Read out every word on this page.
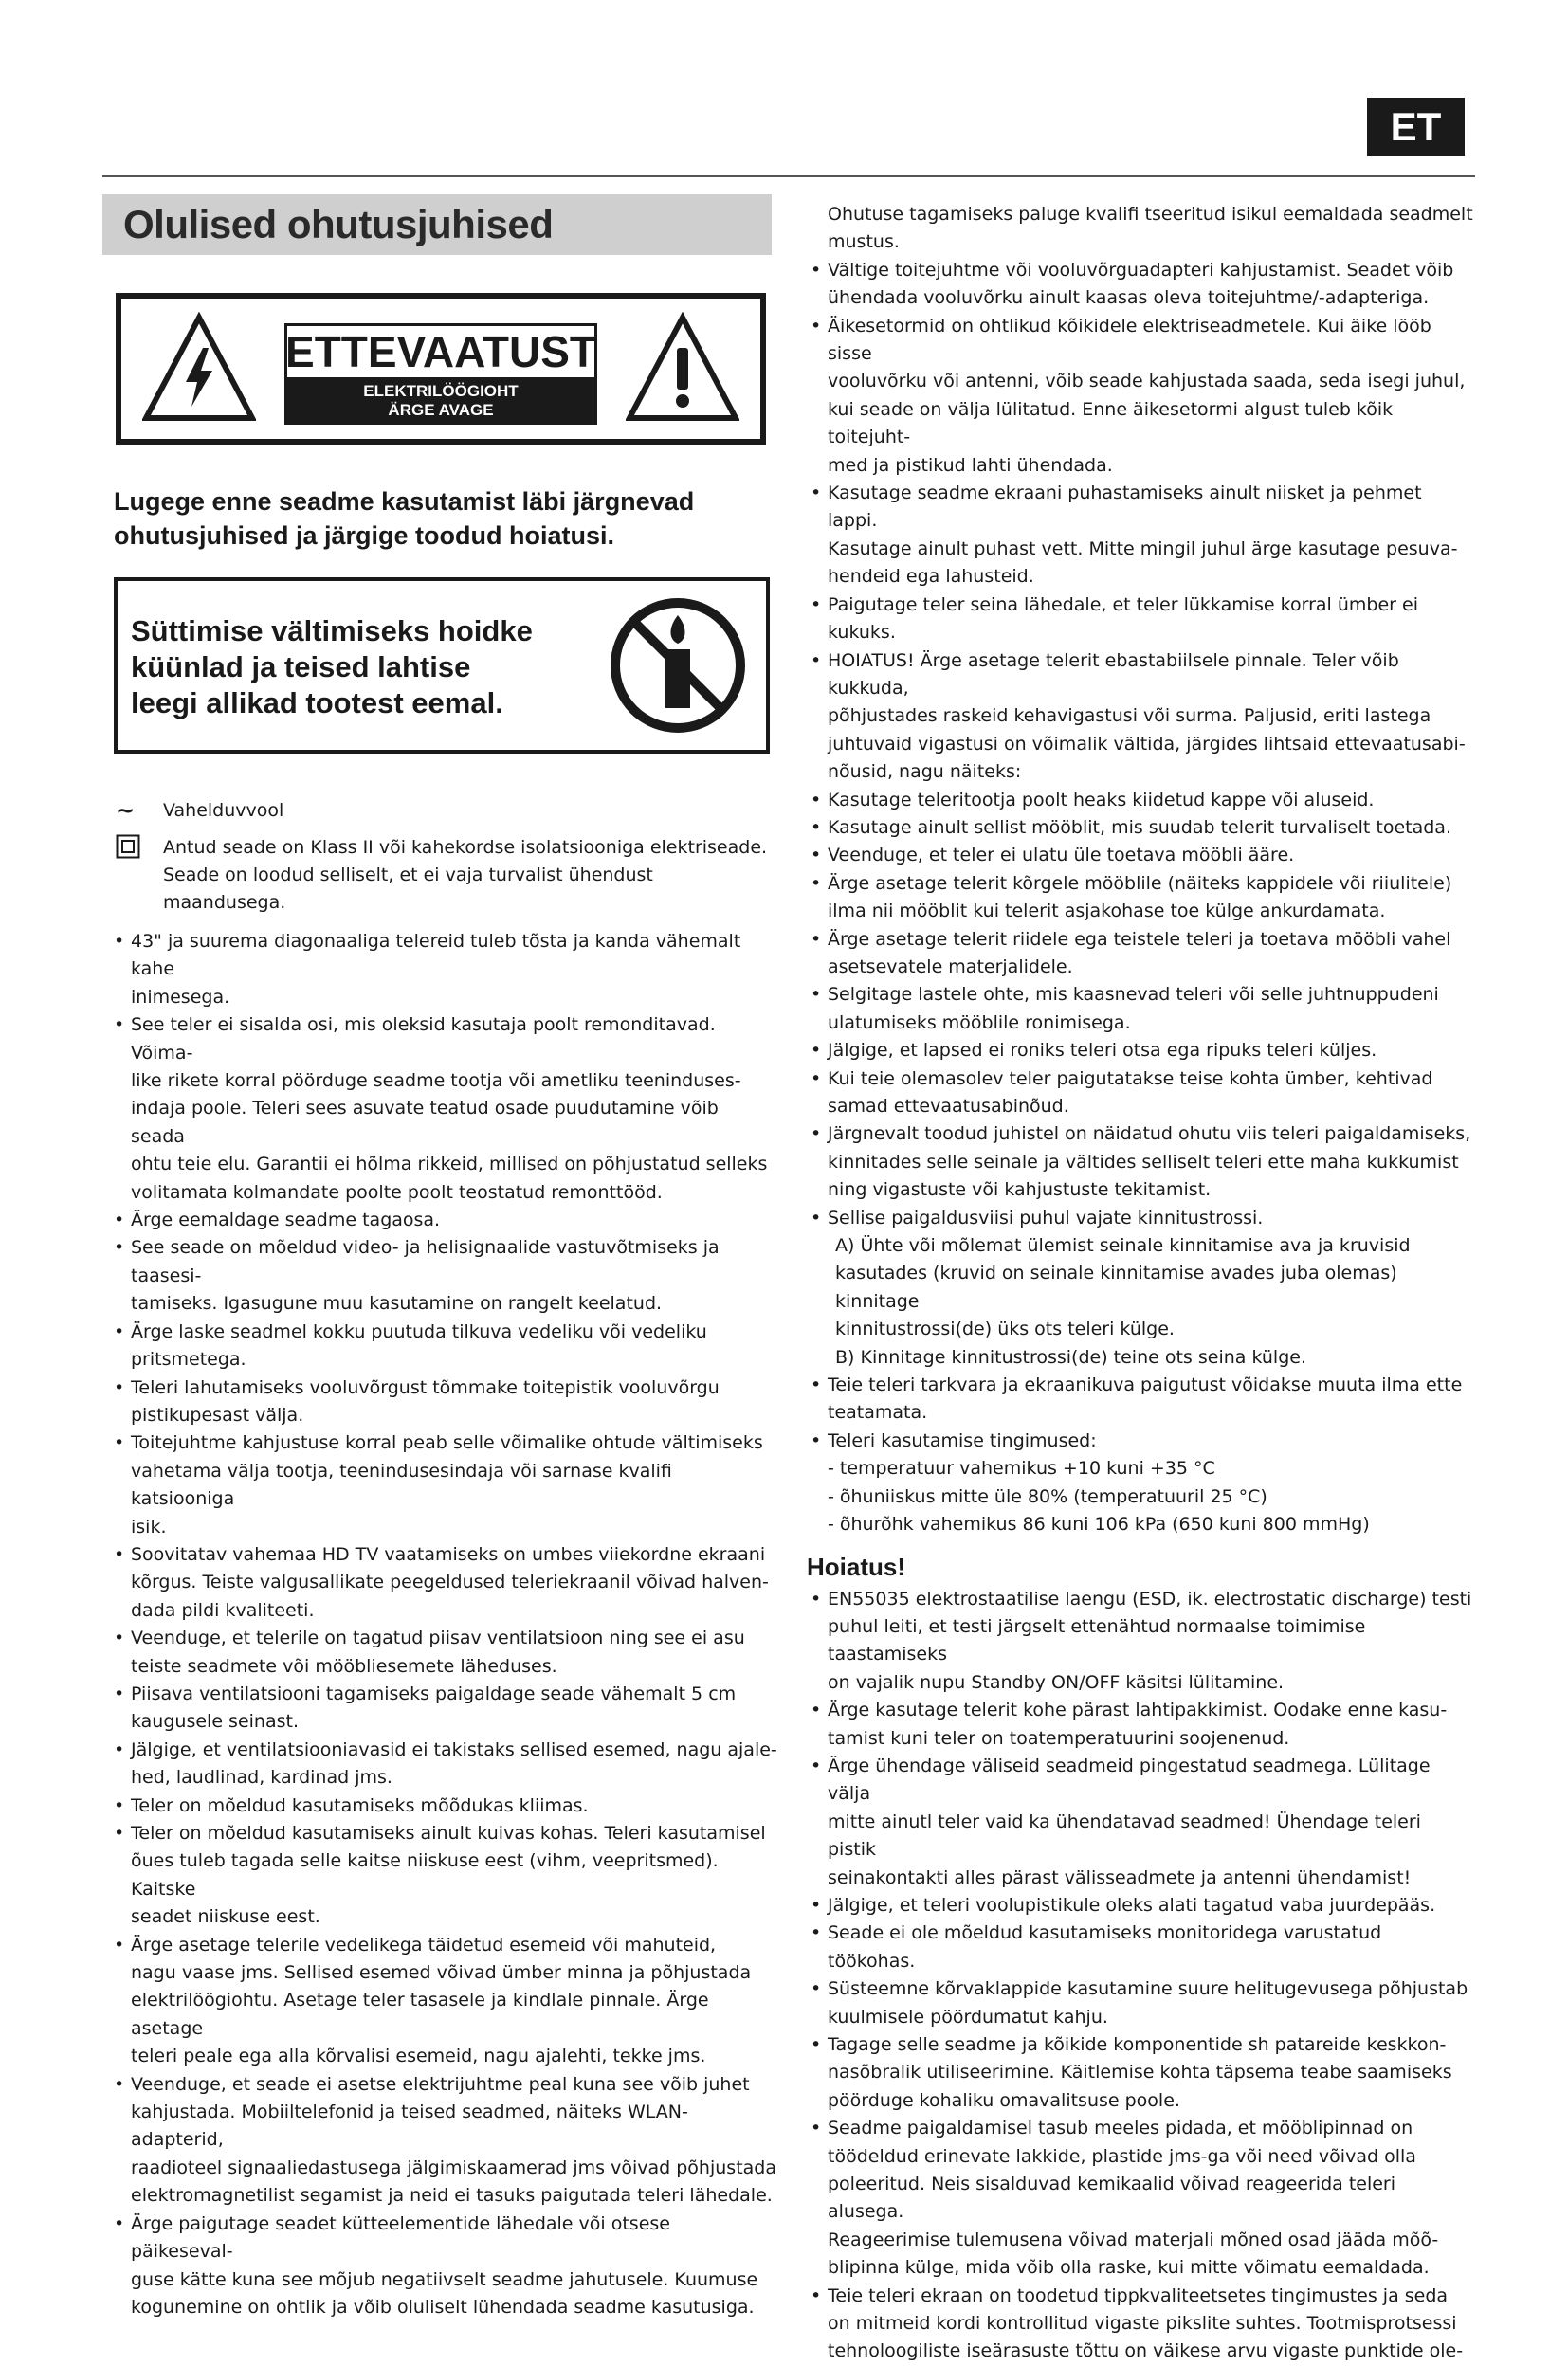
ET
Olulised ohutusjuhised
ETTEVAATUST
ELEKTRILÖÖGIOHT
ÄRGE AVAGE
Lugege enne seadme kasutamist läbi järgnevad
ohutusjuhised ja järgige toodud hoiatusi.
Süttimise vältimiseks hoidke
küünlad ja teised lahtise
leegi allikad tootest eemal.
~	Vahelduvvool
Antud seade on Klass II või kahekordse isolatsiooniga elektriseade.
Seade on loodud selliselt, et ei vaja turvalist ühendust
maandusega.
• 43" ja suurema diagonaaliga telereid tuleb tõsta ja kanda vähemalt kahe
inimesega.
• See teler ei sisalda osi, mis oleksid kasutaja poolt remonditavad. Võima-
like rikete korral pöörduge seadme tootja või ametliku teeninduses-
indaja poole. Teleri sees asuvate teatud osade puudutamine võib seada
ohtu teie elu. Garantii ei hõlma rikkeid, millised on põhjustatud selleks
volitamata kolmandate poolte poolt teostatud remonttööd.
• Ärge eemaldage seadme tagaosa.
• See seade on mõeldud video- ja helisignaalide vastuvõtmiseks ja taasesi-
tamiseks. Igasugune muu kasutamine on rangelt keelatud.
• Ärge laske seadmel kokku puutuda tilkuva vedeliku või vedeliku
pritsmetega.
• Teleri lahutamiseks vooluvõrgust tõmmake toitepistik vooluvõrgu
pistikupesast välja.
• Toitejuhtme kahjustuse korral peab selle võimalike ohtude vältimiseks
vahetama välja tootja, teenindusesindaja või sarnase kvalifi katsiooniga
isik.
• Soovitatav vahemaa HD TV vaatamiseks on umbes viiekordne ekraani
kõrgus. Teiste valgusallikate peegeldused teleriekraanil võivad halven-
dada pildi kvaliteeti.
• Veenduge, et telerile on tagatud piisav ventilatsioon ning see ei asu
teiste seadmete või mööbliesemete läheduses.
• Piisava ventilatsiooni tagamiseks paigaldage seade vähemalt 5 cm
kaugusele seinast.
• Jälgige, et ventilatsiooniavasid ei takistaks sellised esemed, nagu ajale-
hed, laudlinad, kardinad jms.
• Teler on mõeldud kasutamiseks mõõdukas kliimas.
• Teler on mõeldud kasutamiseks ainult kuivas kohas. Teleri kasutamisel
õues tuleb tagada selle kaitse niiskuse eest (vihm, veepritsmed). Kaitske
seadet niiskuse eest.
• Ärge asetage telerile vedelikega täidetud esemeid või mahuteid,
nagu vaase jms. Sellised esemed võivad ümber minna ja põhjustada
elektrilöögiohtu. Asetage teler tasasele ja kindlale pinnale. Ärge asetage
teleri peale ega alla kõrvalisi esemeid, nagu ajalehti, tekke jms.
• Veenduge, et seade ei asetse elektrijuhtme peal kuna see võib juhet
kahjustada. Mobiiltelefonid ja teised seadmed, näiteks WLAN-adapterid,
raadioteel signaaliedastusega jälgimiskaamerad jms võivad põhjustada
elektromagnetilist segamist ja neid ei tasuks paigutada teleri lähedale.
• Ärge paigutage seadet kütteelementide lähedale või otsese päikeseval-
guse kätte kuna see mõjub negatiivselt seadme jahutusele. Kuumuse
kogunemine on ohtlik ja võib oluliselt lühendada seadme kasutusiga.
Ohutuse tagamiseks paluge kvalifi tseeritud isikul eemaldada seadmelt
mustus.
• Vältige toitejuhtme või vooluvõrguadapteri kahjustamist. Seadet võib
ühendada vooluvõrku ainult kaasas oleva toitejuhtme/-adapteriga.
• Äikesetormid on ohtlikud kõikidele elektriseadmetele. Kui äike lööb sisse
vooluvõrku või antenni, võib seade kahjustada saada, seda isegi juhul,
kui seade on välja lülitatud. Enne äikesetormi algust tuleb kõik toitejuht-
med ja pistikud lahti ühendada.
• Kasutage seadme ekraani puhastamiseks ainult niisket ja pehmet lappi.
Kasutage ainult puhast vett. Mitte mingil juhul ärge kasutage pesuva-
hendeid ega lahusteid.
• Paigutage teler seina lähedale, et teler lükkamise korral ümber ei kukuks.
• HOIATUS! Ärge asetage telerit ebastabiilsele pinnale. Teler võib kukkuda,
põhjustades raskeid kehavigastusi või surma. Paljusid, eriti lastega
juhtuvaid vigastusi on võimalik vältida, järgides lihtsaid ettevaatusabi-
nõusid, nagu näiteks:
• Kasutage teleritootja poolt heaks kiidetud kappe või aluseid.
• Kasutage ainult sellist mööblit, mis suudab telerit turvaliselt toetada.
• Veenduge, et teler ei ulatu üle toetava mööbli ääre.
• Ärge asetage telerit kõrgele mööblile (näiteks kappidele või riiulitele)
ilma nii mööblit kui telerit asjakohase toe külge ankurdamata.
• Ärge asetage telerit riidele ega teistele teleri ja toetava mööbli vahel
asetsevatele materjalidele.
• Selgitage lastele ohte, mis kaasnevad teleri või selle juhtnuppudeni
ulatumiseks mööblile ronimisega.
• Jälgige, et lapsed ei roniks teleri otsa ega ripuks teleri küljes.
• Kui teie olemasolev teler paigutatakse teise kohta ümber, kehtivad
samad ettevaatusabinõud.
• Järgnevalt toodud juhistel on näidatud ohutu viis teleri paigaldamiseks,
kinnitades selle seinale ja vältides selliselt teleri ette maha kukkumist
ning vigastuste või kahjustuste tekitamist.
• Sellise paigaldusviisi puhul vajate kinnitustrossi.
A) Ühte või mõlemat ülemist seinale kinnitamise ava ja kruvisid
kasutades (kruvid on seinale kinnitamise avades juba olemas) kinnitage
kinnitustrossi(de) üks ots teleri külge.
B) Kinnitage kinnitustrossi(de) teine ots seina külge.
• Teie teleri tarkvara ja ekraanikuva paigutust võidakse muuta ilma ette
teatamata.
• Teleri kasutamise tingimused:
- temperatuur vahemikus +10 kuni +35 °C
- õhuniiskus mitte üle 80% (temperatuuril 25 °C)
- õhurõhk vahemikus 86 kuni 106 kPa (650 kuni 800 mmHg)
Hoiatus!
• EN55035 elektrostaatilise laengu (ESD, ik. electrostatic discharge) testi
puhul leiti, et testi järgselt ettenähtud normaalse toimimise taastamiseks
on vajalik nupu Standby ON/OFF käsitsi lülitamine.
• Ärge kasutage telerit kohe pärast lahtipakkimist. Oodake enne kasu-
tamist kuni teler on toatemperatuurini soojenenud.
• Ärge ühendage väliseid seadmeid pingestatud seadmega. Lülitage välja
mitte ainutl teler vaid ka ühendatavad seadmed! Ühendage teleri pistik
seinakontakti alles pärast välisseadmete ja antenni ühendamist!
• Jälgige, et teleri voolupistikule oleks alati tagatud vaba juurdepääs.
• Seade ei ole mõeldud kasutamiseks monitoridega varustatud töökohas.
• Süsteemne kõrvaklappide kasutamine suure helitugevusega põhjustab
kuulmisele pöördumatut kahju.
• Tagage selle seadme ja kõikide komponentide sh patareide keskkon-
nasõbralik utiliseerimine. Käitlemise kohta täpsema teabe saamiseks
pöörduge kohaliku omavalitsuse poole.
• Seadme paigaldamisel tasub meeles pidada, et mööblipinnad on
töödeldud erinevate lakkide, plastide jms-ga või need võivad olla
poleeritud. Neis sisalduvad kemikaalid võivad reageerida teleri alusega.
Reageerimise tulemusena võivad materjali mõned osad jääda mõõ-
blipinna külge, mida võib olla raske, kui mitte võimatu eemaldada.
• Teie teleri ekraan on toodetud tippkvaliteetsetes tingimustes ja seda
on mitmeid kordi kontrollitud vigaste pikslite suhtes. Tootmisprotsessi
tehnoloogiliste iseärasuste tõttu on väikese arvu vigaste punktide ole-
